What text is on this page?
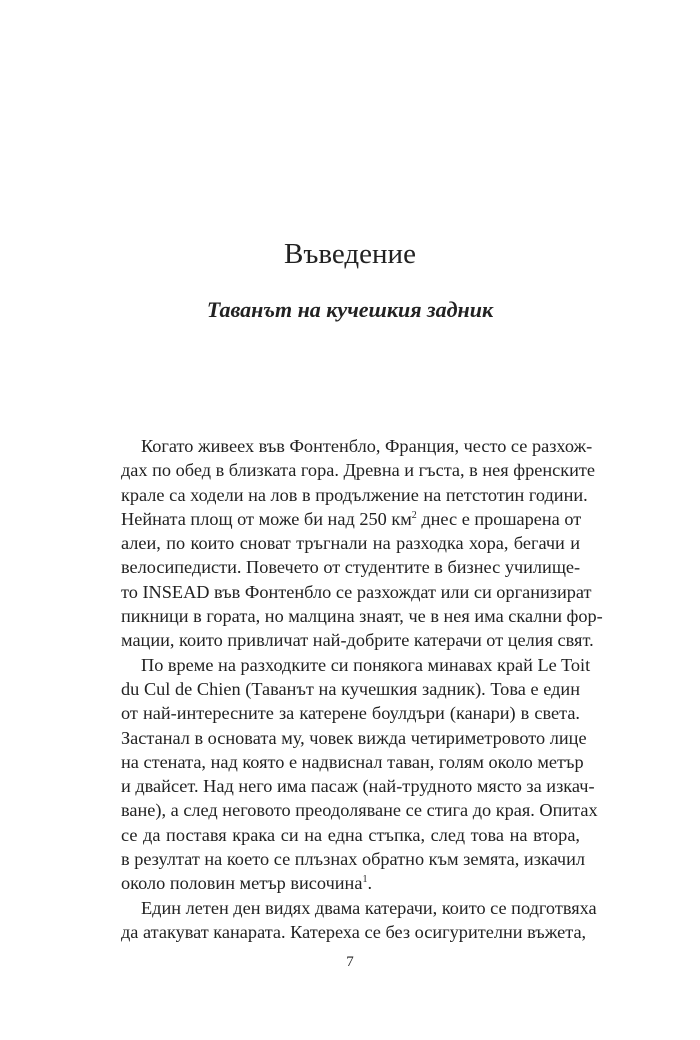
Въведение
Таванът на кучешкия задник
Когато живеех във Фонтенбло, Франция, често се разхож-
дах по обед в близката гора. Древна и гъста, в нея френските
крале са ходели на лов в продължение на петстотин години.
Нейната площ от може би над 250 $км^2$ днес е прошарена от
алеи, по които сноват тръгнали на разходка хора, бегачи и
велосипедисти. Повечето от студентите в бизнес училище-
то INSEAD във Фонтенбло се разхождат или си организират
пикници в гората, но малцина знаят, че в нея има скални фор-
мации, които привличат най-добрите катерачи от целия свят.
По време на разходките си понякога минавах край Le Toit
du Cul de Chien (Таванът на кучешкия задник). Това е един
от най-интересните за катерене боулдъри (канари) в света.
Застанал в основата му, човек вижда четириметровото лице
на стената, над която е надвиснал таван, голям около метър
и двайсет. Над него има пасаж (най-трудното място за изкач-
ване), а след неговото преодоляване се стига до края. Опитах
се да поставя крака си на една стъпка, след това на втора,
в резултат на което се плъзнах обратно към земята, изкачил
около половин метър височина$^1$.
Един летен ден видях двама катерачи, които се подготвяха
да атакуват канарата. Катереха се без осигурителни въжета,
7
